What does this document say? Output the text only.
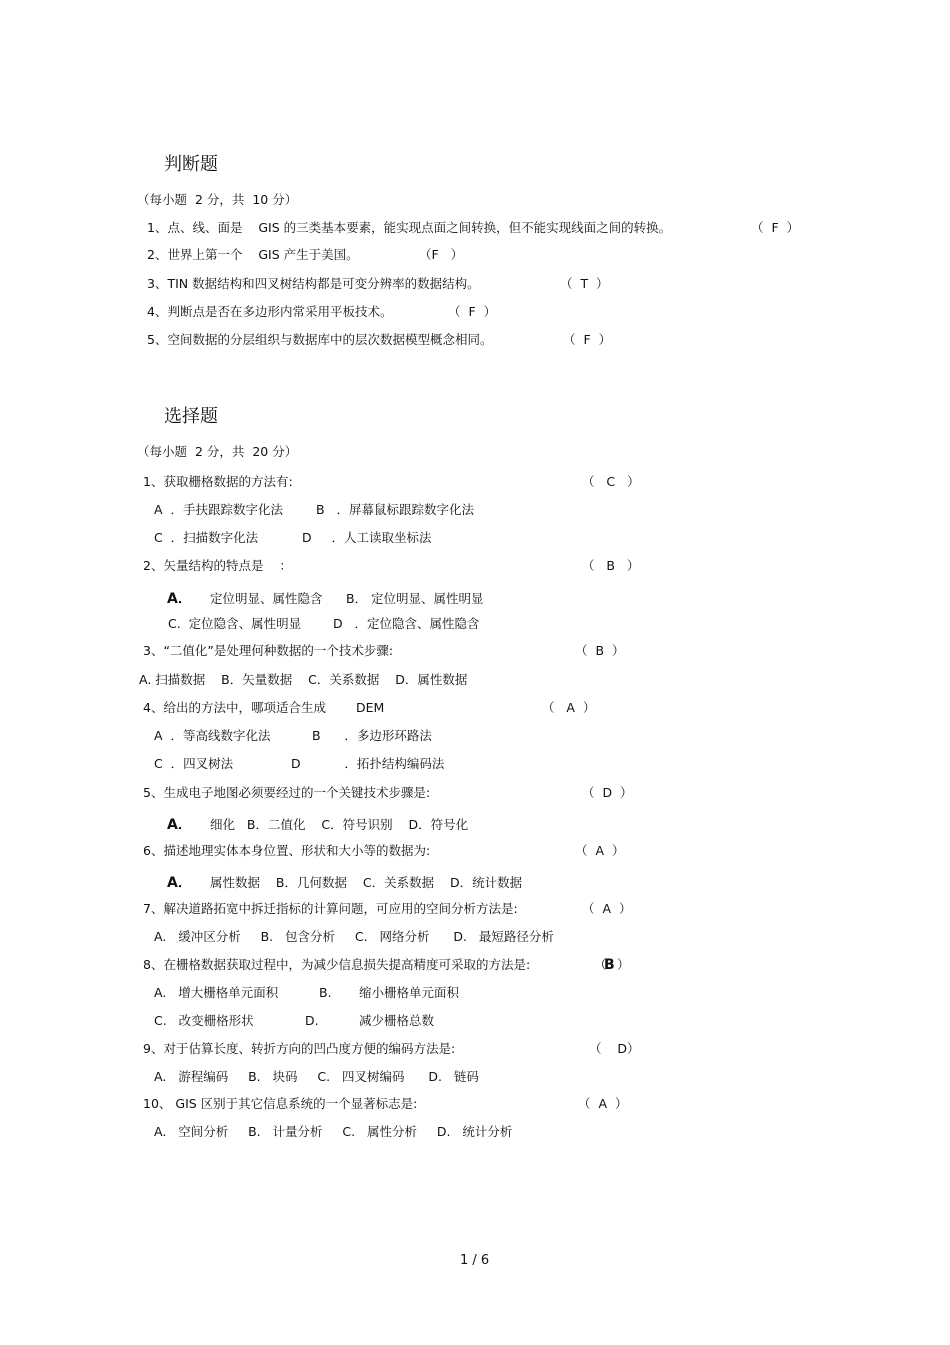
判断题
（每小题  2 分，共  10 分）
1、点、线、面是    GIS 的三类基本要素，能实现点面之间转换，但不能实现线面之间的转换。	（  F  ）
2、世界上第一个    GIS 产生于美国。	（F   ）
3、TIN 数据结构和四叉树结构都是可变分辨率的数据结构。	（  T  ）
4、判断点是否在多边形内常采用平板技术。	（  F  ）
5、空间数据的分层组织与数据库中的层次数据模型概念相同。	（  F  ）
选择题
（每小题  2 分，共  20 分）
1、获取栅格数据的方法有:	（   C   ）
A  ．手扶跟踪数字化法	B   ．屏幕鼠标跟踪数字化法
C  ．扫描数字化法	D     ．人工读取坐标法
2、矢量结构的特点是    ：	（   B   ）
A． 定位明显、属性隐含 B． 定位明显、属性明显
C.  定位隐含、属性明显	D   ．定位隐含、属性隐含
3、“二值化”是处理何种数据的一个技术步骤:	（  B  ）
A. 扫描数据    B．矢量数据    C．关系数据    D．属性数据
4、给出的方法中，哪项适合生成 DEM	（   A  ）
A  ．等高线数字化法	B      ．多边形环路法
C  ．四叉树法	D           ．拓扑结构编码法
5、生成电子地图必须要经过的一个关键技术步骤是:	（  D  ）
A． 细化   B．二值化    C．符号识别    D．符号化
6、描述地理实体本身位置、形状和大小等的数据为:	（  A  ）
A． 属性数据    B．几何数据    C．关系数据    D．统计数据
7、解决道路拓宽中拆迁指标的计算问题，可应用的空间分析方法是:	（  A  ）
A.   缓冲区分析     B.   包含分析     C.   网络分析      D.   最短路径分析
8、在栅格数据获取过程中，为减少信息损失提高精度可采取的方法是:	（
B ）
A.   增大栅格单元面积	B. 缩小栅格单元面积
C.   改变栅格形状	D.	减少栅格总数
9、对于估算长度、转折方向的凹凸度方便的编码方法是:	（    D）
A.   游程编码     B.   块码     C.   四叉树编码      D.   链码
10、 GIS 区别于其它信息系统的一个显著标志是:	（  A  ）
A.   空间分析     B.   计量分析     C.   属性分析     D.   统计分析
1 / 6
